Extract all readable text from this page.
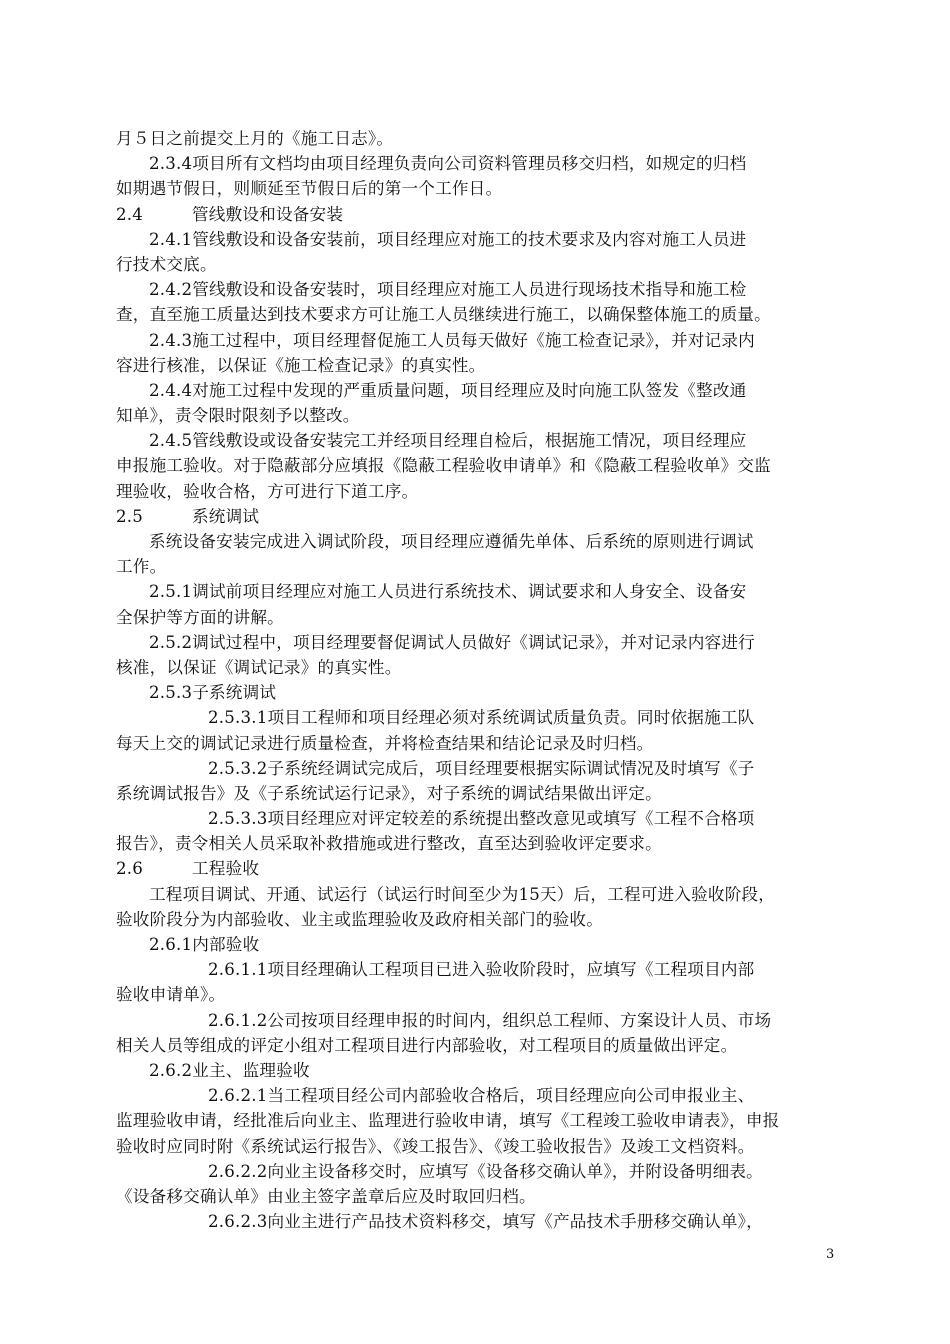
月５日之前提交上月的《施工日志》。
2.3.4项目所有文档均由项目经理负责向公司资料管理员移交归档，如规定的归档
如期遇节假日，则顺延至节假日后的第一个工作日。
2.4	管线敷设和设备安装
2.4.1管线敷设和设备安装前，项目经理应对施工的技术要求及内容对施工人员进
行技术交底。
2.4.2管线敷设和设备安装时，项目经理应对施工人员进行现场技术指导和施工检
查，直至施工质量达到技术要求方可让施工人员继续进行施工，以确保整体施工的质量。
2.4.3施工过程中，项目经理督促施工人员每天做好《施工检查记录》，并对记录内
容进行核准，以保证《施工检查记录》的真实性。
2.4.4对施工过程中发现的严重质量问题，项目经理应及时向施工队签发《整改通
知单》，责令限时限刻予以整改。
2.4.5管线敷设或设备安装完工并经项目经理自检后，根据施工情况，项目经理应
申报施工验收。对于隐蔽部分应填报《隐蔽工程验收申请单》和《隐蔽工程验收单》交监
理验收，验收合格，方可进行下道工序。
2.5	系统调试
系统设备安装完成进入调试阶段，项目经理应遵循先单体、后系统的原则进行调试
工作。
2.5.1调试前项目经理应对施工人员进行系统技术、调试要求和人身安全、设备安
全保护等方面的讲解。
2.5.2调试过程中，项目经理要督促调试人员做好《调试记录》，并对记录内容进行
核准，以保证《调试记录》的真实性。
2.5.3子系统调试
2.5.3.1项目工程师和项目经理必须对系统调试质量负责。同时依据施工队
每天上交的调试记录进行质量检查，并将检查结果和结论记录及时归档。
2.5.3.2子系统经调试完成后，项目经理要根据实际调试情况及时填写《子
系统调试报告》及《子系统试运行记录》，对子系统的调试结果做出评定。
2.5.3.3项目经理应对评定较差的系统提出整改意见或填写《工程不合格项
报告》，责令相关人员采取补救措施或进行整改，直至达到验收评定要求。
2.6	工程验收
工程项目调试、开通、试运行（试运行时间至少为15天）后，工程可进入验收阶段，
验收阶段分为内部验收、业主或监理验收及政府相关部门的验收。
2.6.1内部验收
2.6.1.1项目经理确认工程项目已进入验收阶段时，应填写《工程项目内部
验收申请单》。
2.6.1.2公司按项目经理申报的时间内，组织总工程师、方案设计人员、市场
相关人员等组成的评定小组对工程项目进行内部验收，对工程项目的质量做出评定。
2.6.2业主、监理验收
2.6.2.1当工程项目经公司内部验收合格后，项目经理应向公司申报业主、
监理验收申请，经批准后向业主、监理进行验收申请，填写《工程竣工验收申请表》，申报
验收时应同时附《系统试运行报告》、《竣工报告》、《竣工验收报告》及竣工文档资料。
2.6.2.2向业主设备移交时，应填写《设备移交确认单》，并附设备明细表。
《设备移交确认单》由业主签字盖章后应及时取回归档。
2.6.2.3向业主进行产品技术资料移交，填写《产品技术手册移交确认单》，
3
